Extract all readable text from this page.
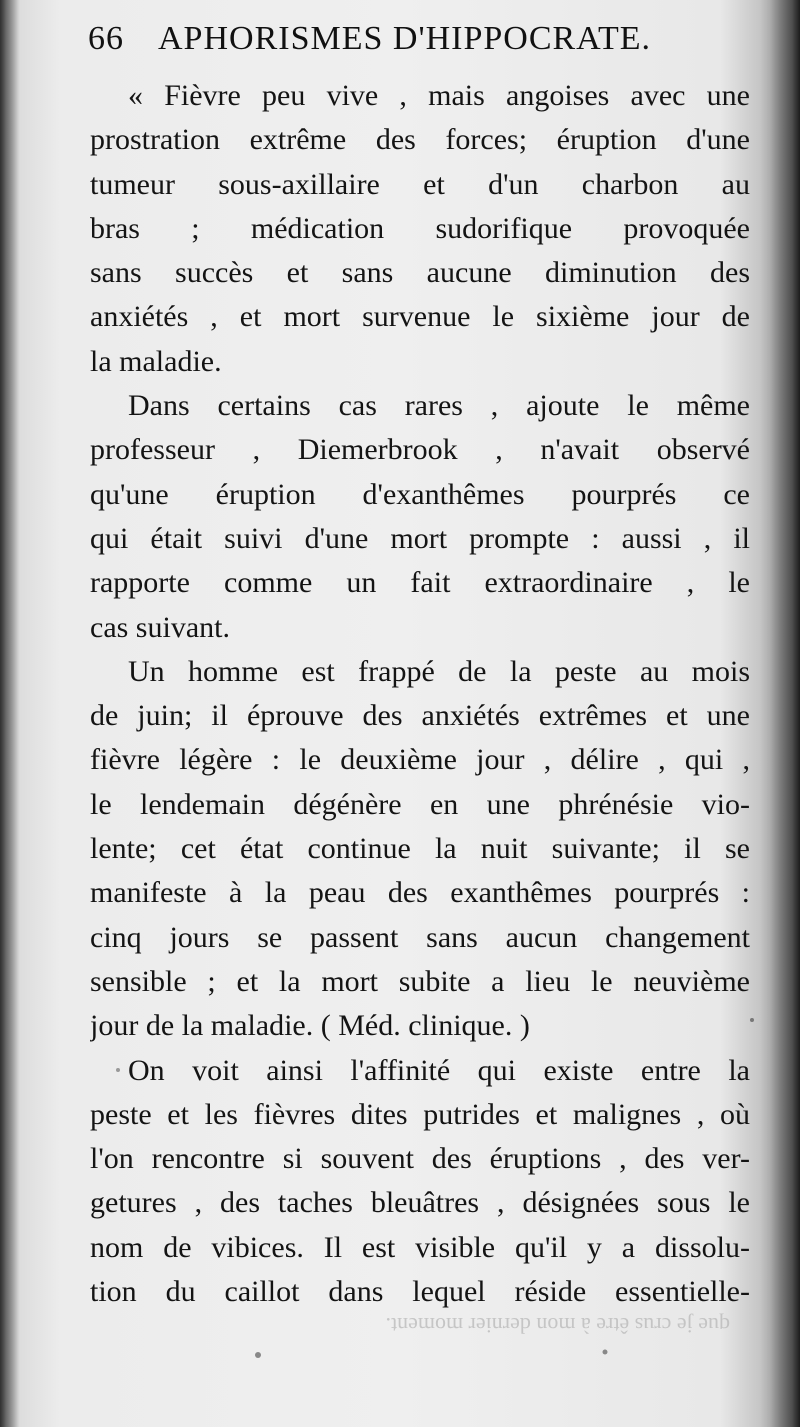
66	APHORISMES D'HIPPOCRATE.
« Fièvre peu vive , mais angoises avec une
prostration extrême des forces; éruption d'une
tumeur sous-axillaire et d'un charbon au
bras ; médication sudorifique provoquée
sans succès et sans aucune diminution des
anxiétés , et mort survenue le sixième jour de
la maladie.
Dans certains cas rares , ajoute le même
professeur , Diemerbrook , n'avait observé
qu'une éruption d'exanthêmes pourprés ce
qui était suivi d'une mort prompte : aussi , il
rapporte comme un fait extraordinaire , le
cas suivant.
Un homme est frappé de la peste au mois
de juin; il éprouve des anxiétés extrêmes et une
fièvre légère : le deuxième jour , délire , qui ,
le lendemain dégénère en une phrénésie vio-
lente; cet état continue la nuit suivante; il se
manifeste à la peau des exanthêmes pourprés :
cinq jours se passent sans aucun changement
sensible ; et la mort subite a lieu le neuvième
jour de la maladie. ( Méd. clinique. )
On voit ainsi l'affinité qui existe entre la
peste et les fièvres dites putrides et malignes , où
l'on rencontre si souvent des éruptions , des ver-
getures , des taches bleuâtres , désignées sous le
nom de vibices. Il est visible qu'il y a dissolu-
tion du caillot dans lequel réside essentielle-
que je crus être à mon dernier moment.
